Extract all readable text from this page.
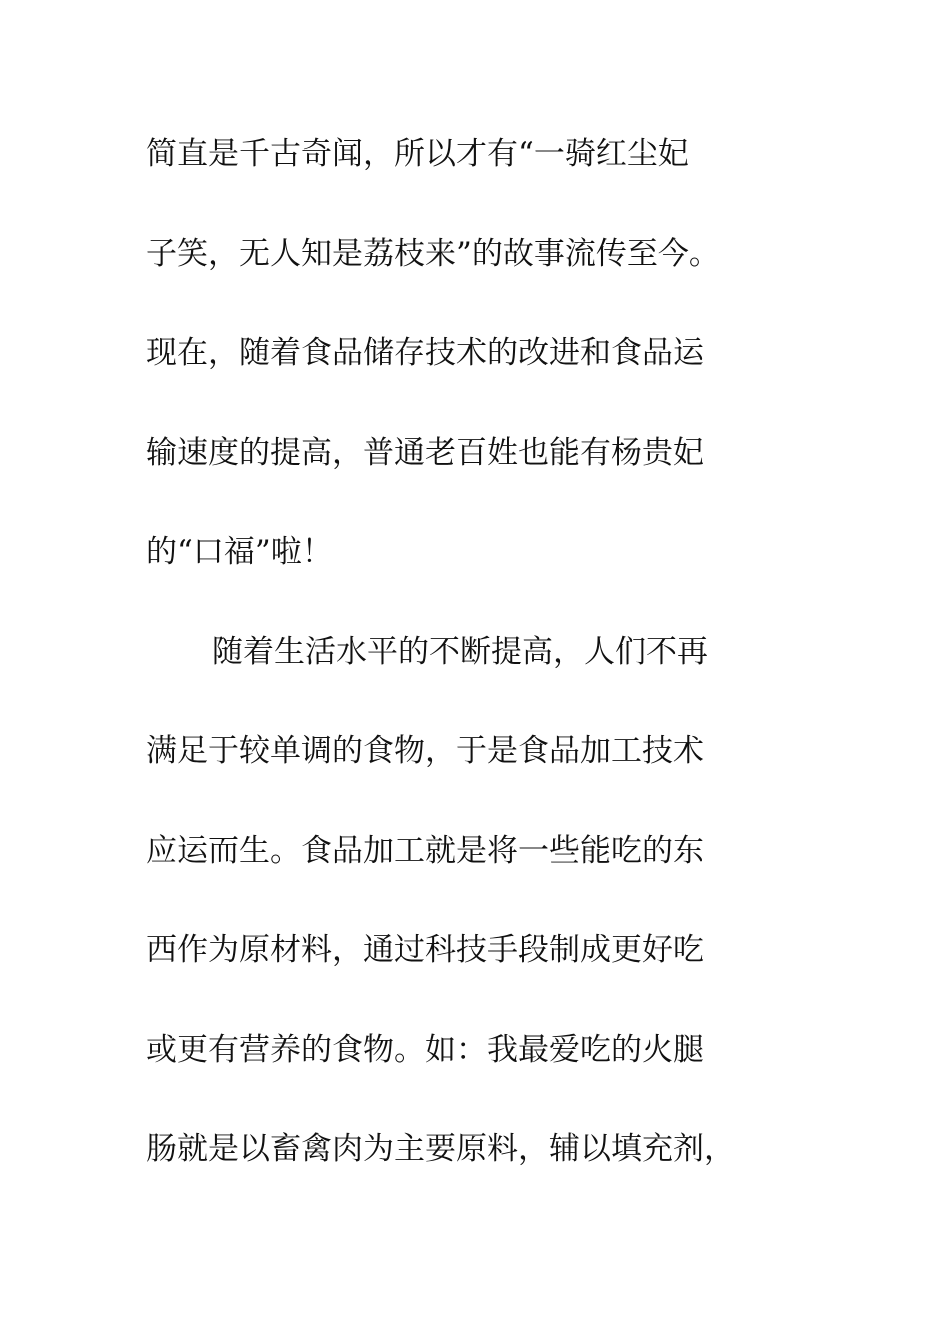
简直是千古奇闻，所以才有“一骑红尘妃
子笑，无人知是荔枝来”的故事流传至今。
现在，随着食品储存技术的改进和食品运
输速度的提高，普通老百姓也能有杨贵妃
的“口福”啦！
随着生活水平的不断提高，人们不再
满足于较单调的食物，于是食品加工技术
应运而生。食品加工就是将一些能吃的东
西作为原材料，通过科技手段制成更好吃
或更有营养的食物。如：我最爱吃的火腿
肠就是以畜禽肉为主要原料，辅以填充剂，
